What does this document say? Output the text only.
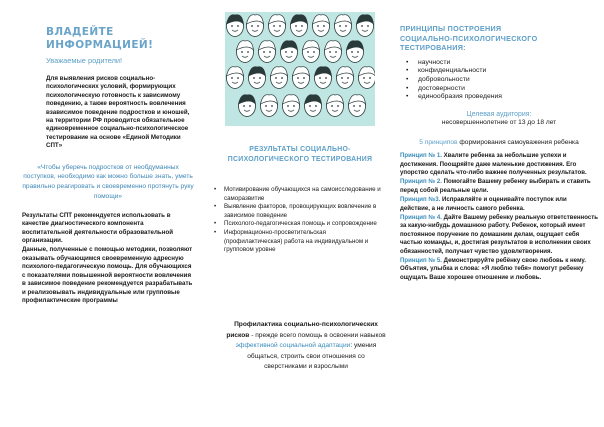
ВЛАДЕЙТЕ
ИНФОРМАЦИЕЙ!

Уважаемые родители!

Для выявления рисков социально-психологических условий, формирующих психологическую готовность к зависимому поведению, а также вероятность вовлечения взависимое поведение подростков и юношей, на территории РФ проводится обязательное единовременное социально-психологическое тестирование на основе «Единой Методики СПТ»

«Чтобы уберечь подростков от необдуманных поступков, необходимо как можно больше знать, уметь правильно реагировать и своевременно протянуть руку помощи»

Результаты СПТ рекомендуется использовать в качестве диагностического компонента воспитательной деятельности образовательной организации.

Данные, полученные с помощью методики, позволяют оказывать обучающимся своевременную адресную психолого-педагогическую помощь. Для обучающихся с показателями повышенной вероятности вовлечения в зависимое поведение рекомендуется разрабатывать и реализовывать индивидуальные или групповые профилактические программы

РЕЗУЛЬТАТЫ СОЦИАЛЬНО-
ПСИХОЛОГИЧЕСКОГО ТЕСТИРОВАНИЯ
• Мотивирование обучающихся на самоисследование и саморазвитие
• Выявление факторов, провоцирующих вовлечение в зависимое поведение
• Психолого-педагогическая помощь и сопровождение
• Информационно-просветительская (профилактическая) работа на индивидуальном и групповом уровне

Профилактика социально-психологических рисков - прежде всего помощь в освоении навыков эффективной социальной адаптации: умения общаться, строить свои отношения со сверстниками и взрослыми

ПРИНЦИПЫ ПОСТРОЕНИЯ
СОЦИАЛЬНО-ПСИХОЛОГИЧЕСКОГО
ТЕСТИРОВАНИЯ:
• научности
• конфиденциальности
• добровольности
• достоверности
• единообразия проведения

Целевая аудитория:

несовершеннолетние от 13 до 18 лет

5 принципов формирования самоуважения ребенка

Принцип № 1. Хвалите ребенка за небольшие успехи и достижения. Поощряйте даже маленькие достижения. Его упорство сделать что-либо важнее полученных результатов.

Принцип № 2. Помогайте Вашему ребенку выбирать и ставить перед собой реальные цели.

Принцип №3. Исправляйте и оценивайте поступок или действие, а не личность самого ребенка.

Принцип № 4. Дайте Вашему ребенку реальную ответственность за какую-нибудь домашнюю работу. Ребенок, который имеет постоянное поручение по домашним делам, ощущает себя частью команды, и, достигая результатов в исполнении своих обязанностей, получает чувство удовлетворения.

Принцип № 5. Демонстрируйте ребёнку свою любовь к нему. Объятия, улыбка и слова: «Я люблю тебя» помогут ребенку ощущать Ваше хорошее отношение и любовь.
